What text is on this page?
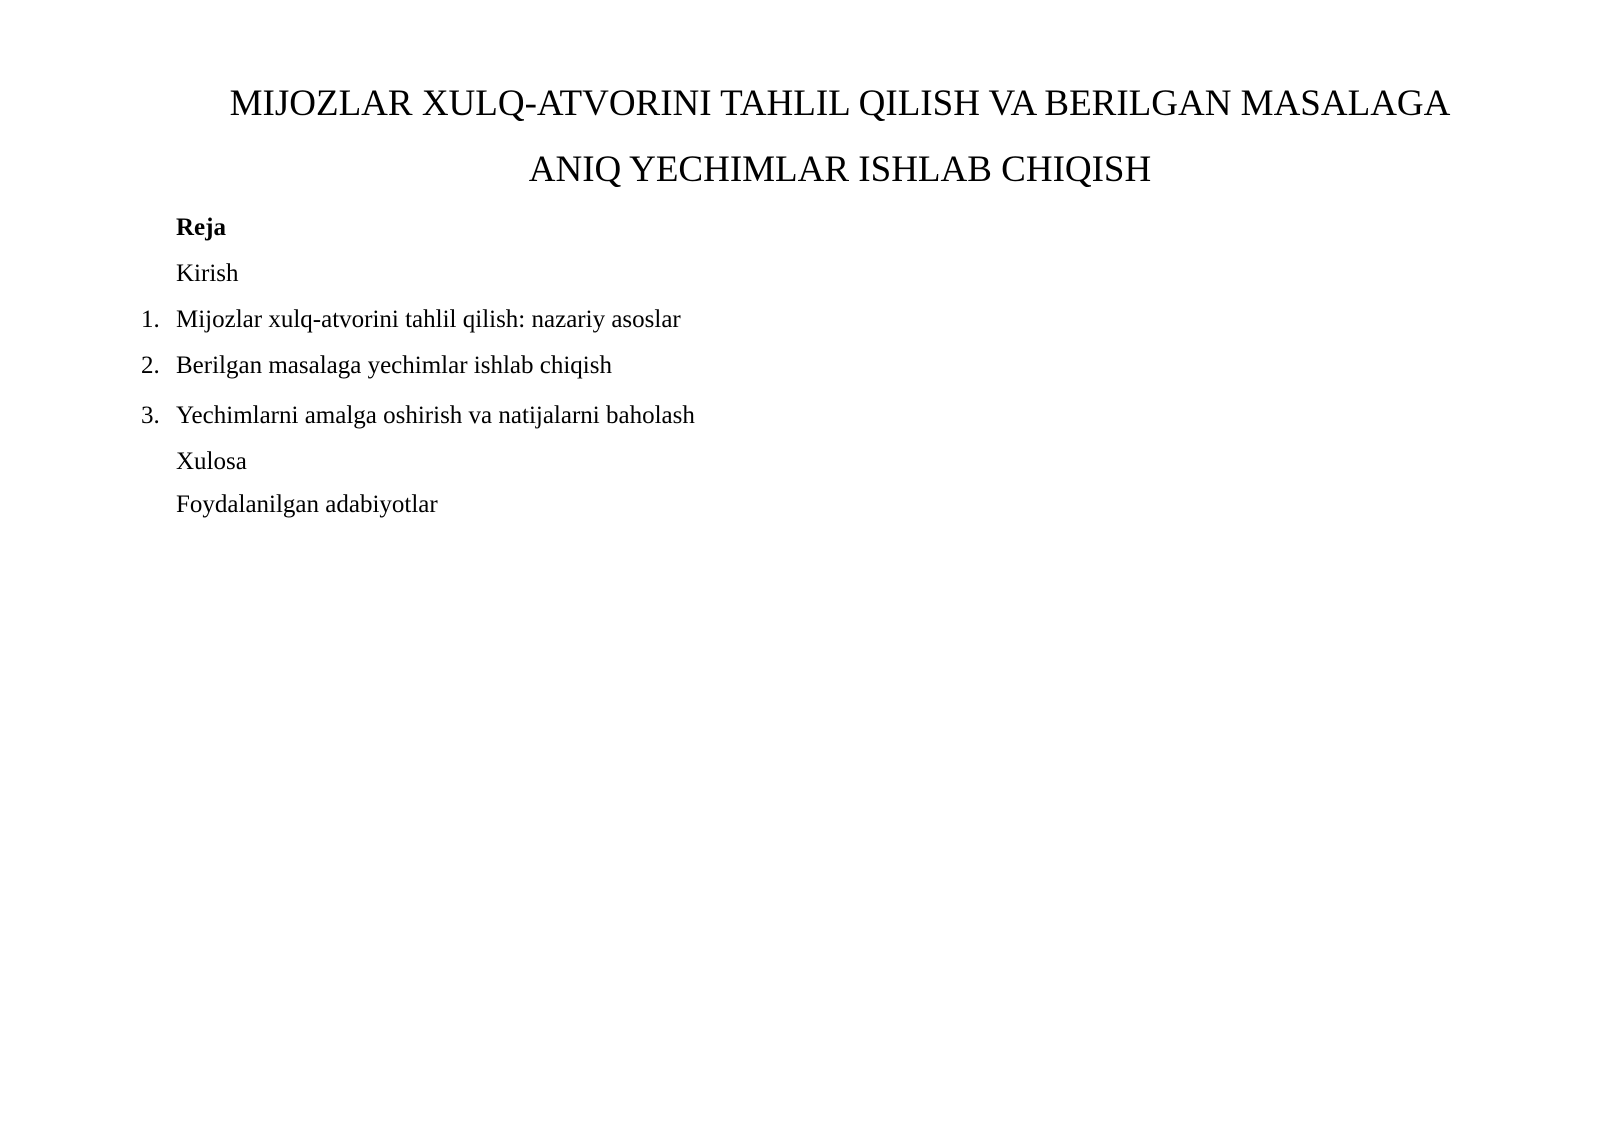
MIJOZLAR XULQ-ATVORINI TAHLIL QILISH VA BERILGAN MASALAGA
ANIQ YECHIMLAR ISHLAB CHIQISH
Reja
Kirish
1. Mijozlar xulq-atvorini tahlil qilish: nazariy asoslar
2. Berilgan masalaga yechimlar ishlab chiqish
3. Yechimlarni amalga oshirish va natijalarni baholash
Xulosa
Foydalanilgan adabiyotlar
